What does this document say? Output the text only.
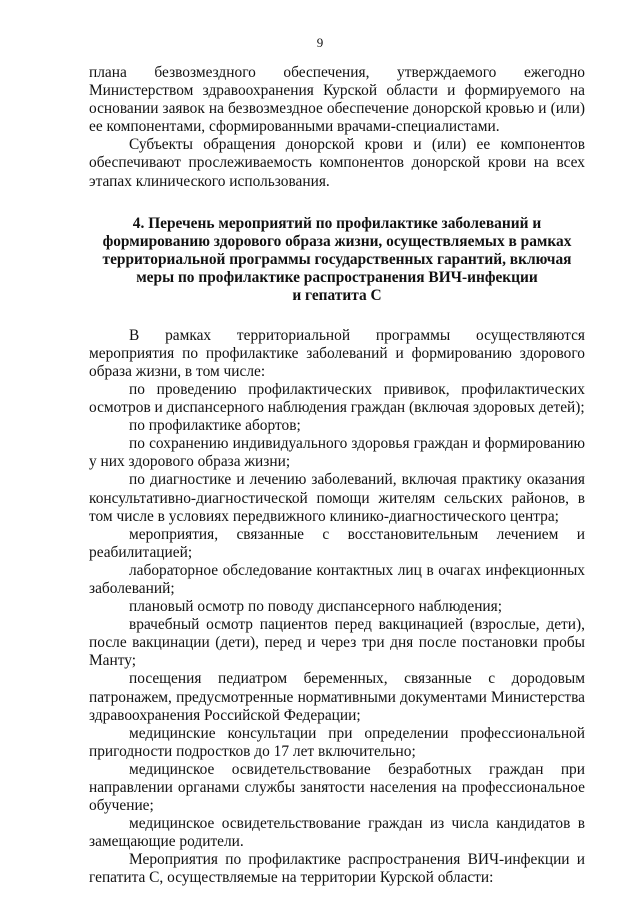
9

плана безвозмездного обеспечения, утверждаемого ежегодно Министерством здравоохранения Курской области и формируемого на основании заявок на безвозмездное обеспечение донорской кровью и (или) ее компонентами, сформированными врачами-специалистами.

Субъекты обращения донорской крови и (или) ее компонентов обеспечивают прослеживаемость компонентов донорской крови на всех этапах клинического использования.

4. Перечень мероприятий по профилактике заболеваний и
формированию здорового образа жизни, осуществляемых в рамках
территориальной программы государственных гарантий, включая
меры по профилактике распространения ВИЧ-инфекции
и гепатита С

В рамках территориальной программы осуществляются мероприятия по профилактике заболеваний и формированию здорового образа жизни, в том числе:

по проведению профилактических прививок, профилактических осмотров и диспансерного наблюдения граждан (включая здоровых детей);

по профилактике абортов;

по сохранению индивидуального здоровья граждан и формированию у них здорового образа жизни;

по диагностике и лечению заболеваний, включая практику оказания консультативно-диагностической помощи жителям сельских районов, в том числе в условиях передвижного клинико-диагностического центра;

мероприятия, связанные с восстановительным лечением и реабилитацией;

лабораторное обследование контактных лиц в очагах инфекционных заболеваний;

плановый осмотр по поводу диспансерного наблюдения;

врачебный осмотр пациентов перед вакцинацией (взрослые, дети), после вакцинации (дети), перед и через три дня после постановки пробы Манту;

посещения педиатром беременных, связанные с дородовым патронажем, предусмотренные нормативными документами Министерства здравоохранения Российской Федерации;

медицинские консультации при определении профессиональной пригодности подростков до 17 лет включительно;

медицинское освидетельствование безработных граждан при направлении органами службы занятости населения на профессиональное обучение;

медицинское освидетельствование граждан из числа кандидатов в замещающие родители.

Мероприятия по профилактике распространения ВИЧ-инфекции и гепатита С, осуществляемые на территории Курской области:
